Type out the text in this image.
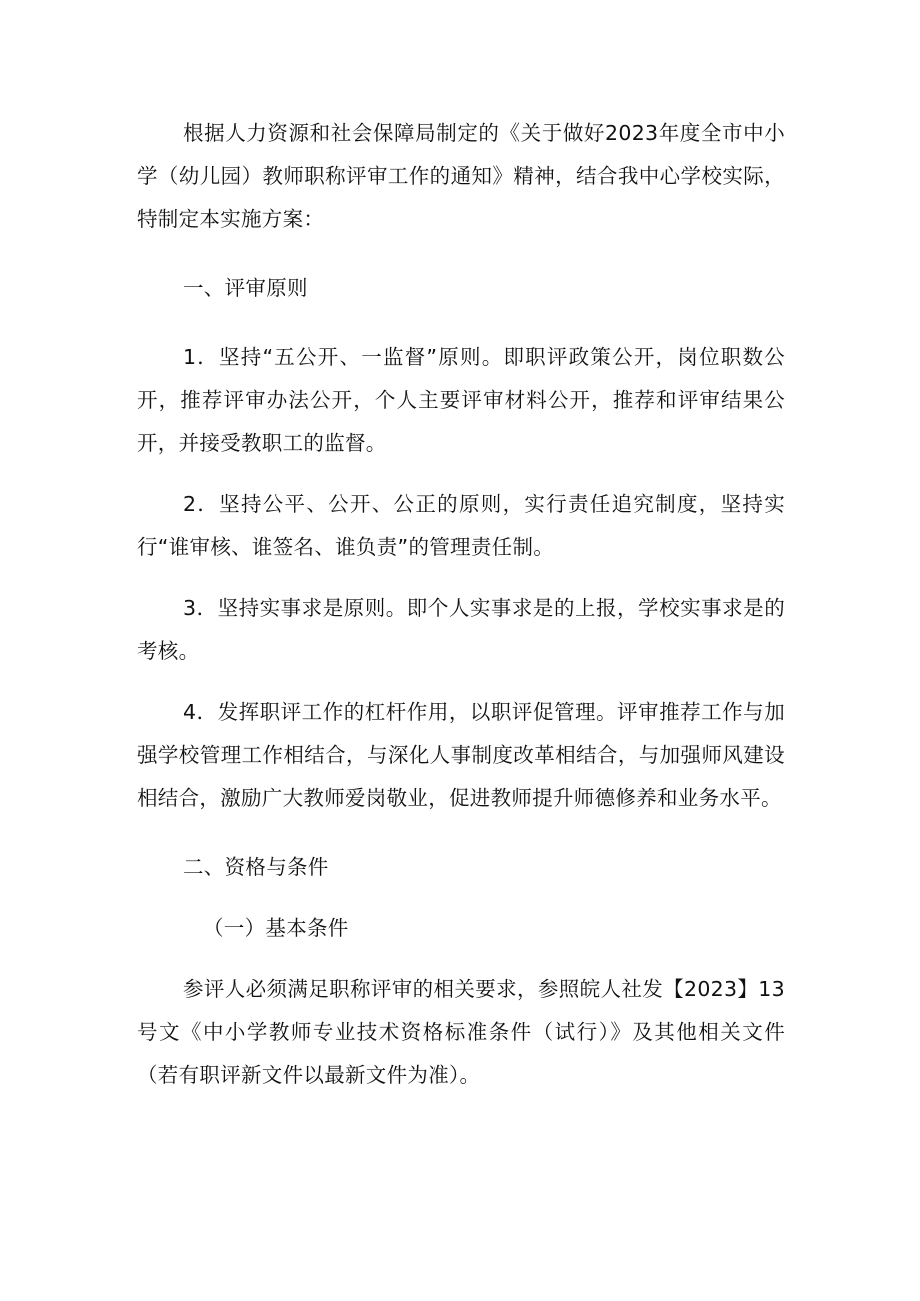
根据人力资源和社会保障局制定的《关于做好2023年度全市中小学（幼儿园）教师职称评审工作的通知》精神，结合我中心学校实际，特制定本实施方案：

一、评审原则

1．坚持“五公开、一监督”原则。即职评政策公开，岗位职数公开，推荐评审办法公开，个人主要评审材料公开，推荐和评审结果公开，并接受教职工的监督。

2．坚持公平、公开、公正的原则，实行责任追究制度，坚持实行“谁审核、谁签名、谁负责”的管理责任制。

3．坚持实事求是原则。即个人实事求是的上报，学校实事求是的考核。

4．发挥职评工作的杠杆作用，以职评促管理。评审推荐工作与加强学校管理工作相结合，与深化人事制度改革相结合，与加强师风建设相结合，激励广大教师爱岗敬业，促进教师提升师德修养和业务水平。

二、资格与条件

（一）基本条件

参评人必须满足职称评审的相关要求，参照皖人社发【2023】13号文《中小学教师专业技术资格标准条件（试行）》及其他相关文件（若有职评新文件以最新文件为准）。
